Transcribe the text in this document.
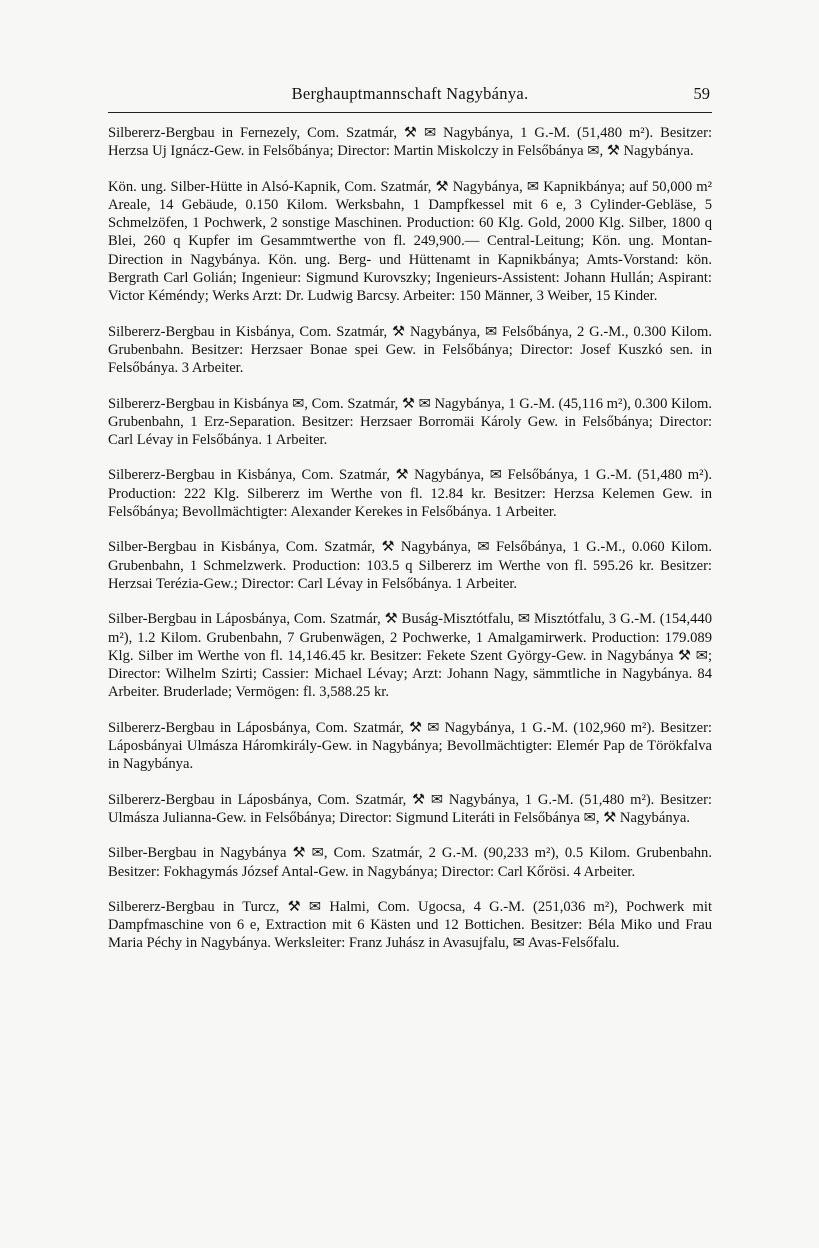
Berghauptmannschaft Nagybánya.	59

Silbererz-Bergbau in Fernezely, Com. Szatmár, ⚒ ✉ Nagybánya, 1 G.-M. (51,480 m²). Besitzer: Herzsa Uj Ignácz-Gew. in Felsőbánya; Director: Martin Miskolczy in Felsőbánya ✉, ⚒ Nagybánya.

Kön. ung. Silber-Hütte in Alsó-Kapnik, Com. Szatmár, ⚒ Nagybánya, ✉ Kapnikbánya; auf 50,000 m² Areale, 14 Gebäude, 0.150 Kilom. Werksbahn, 1 Dampfkessel mit 6 e, 3 Cylinder-Gebläse, 5 Schmelzöfen, 1 Pochwerk, 2 sonstige Maschinen. Production: 60 Klg. Gold, 2000 Klg. Silber, 1800 q Blei, 260 q Kupfer im Gesammtwerthe von fl. 249,900.— Central-Leitung; Kön. ung. Montan-Direction in Nagybánya. Kön. ung. Berg- und Hüttenamt in Kapnikbánya; Amts-Vorstand: kön. Bergrath Carl Golián; Ingenieur: Sigmund Kurovszky; Ingenieurs-Assistent: Johann Hullán; Aspirant: Victor Kéméndy; Werks Arzt: Dr. Ludwig Barcsy. Arbeiter: 150 Männer, 3 Weiber, 15 Kinder.

Silbererz-Bergbau in Kisbánya, Com. Szatmár, ⚒ Nagybánya, ✉ Felsőbánya, 2 G.-M., 0.300 Kilom. Grubenbahn. Besitzer: Herzsaer Bonae spei Gew. in Felsőbánya; Director: Josef Kuszkó sen. in Felsőbánya. 3 Arbeiter.

Silbererz-Bergbau in Kisbánya ✉, Com. Szatmár, ⚒ ✉ Nagybánya, 1 G.-M. (45,116 m²), 0.300 Kilom. Grubenbahn, 1 Erz-Separation. Besitzer: Herzsaer Borromäi Károly Gew. in Felsőbánya; Director: Carl Lévay in Felsőbánya. 1 Arbeiter.

Silbererz-Bergbau in Kisbánya, Com. Szatmár, ⚒ Nagybánya, ✉ Felsőbánya, 1 G.-M. (51,480 m²). Production: 222 Klg. Silbererz im Werthe von fl. 12.84 kr. Besitzer: Herzsa Kelemen Gew. in Felsőbánya; Bevollmächtigter: Alexander Kerekes in Felsőbánya. 1 Arbeiter.

Silber-Bergbau in Kisbánya, Com. Szatmár, ⚒ Nagybánya, ✉ Felsőbánya, 1 G.-M., 0.060 Kilom. Grubenbahn, 1 Schmelzwerk. Production: 103.5 q Silbererz im Werthe von fl. 595.26 kr. Besitzer: Herzsai Terézia-Gew.; Director: Carl Lévay in Felsőbánya. 1 Arbeiter.

Silber-Bergbau in Láposbánya, Com. Szatmár, ⚒ Buság-Misztótfalu, ✉ Misztótfalu, 3 G.-M. (154,440 m²), 1.2 Kilom. Grubenbahn, 7 Grubenwägen, 2 Pochwerke, 1 Amalgamirwerk. Production: 179.089 Klg. Silber im Werthe von fl. 14,146.45 kr. Besitzer: Fekete Szent György-Gew. in Nagybánya ⚒ ✉; Director: Wilhelm Szirti; Cassier: Michael Lévay; Arzt: Johann Nagy, sämmtliche in Nagybánya. 84 Arbeiter. Bruderlade; Vermögen: fl. 3,588.25 kr.

Silbererz-Bergbau in Láposbánya, Com. Szatmár, ⚒ ✉ Nagybánya, 1 G.-M. (102,960 m²). Besitzer: Láposbányai Ulmásza Háromkirály-Gew. in Nagybánya; Bevollmächtigter: Elemér Pap de Törökfalva in Nagybánya.

Silbererz-Bergbau in Láposbánya, Com. Szatmár, ⚒ ✉ Nagybánya, 1 G.-M. (51,480 m²). Besitzer: Ulmásza Julianna-Gew. in Felsőbánya; Director: Sigmund Literáti in Felsőbánya ✉, ⚒ Nagybánya.

Silber-Bergbau in Nagybánya ⚒ ✉, Com. Szatmár, 2 G.-M. (90,233 m²), 0.5 Kilom. Grubenbahn. Besitzer: Fokhagymás József Antal-Gew. in Nagybánya; Director: Carl Kőrösi. 4 Arbeiter.

Silbererz-Bergbau in Turcz, ⚒ ✉ Halmi, Com. Ugocsa, 4 G.-M. (251,036 m²), Pochwerk mit Dampfmaschine von 6 e, Extraction mit 6 Kästen und 12 Bottichen. Besitzer: Béla Miko und Frau Maria Péchy in Nagybánya. Werksleiter: Franz Juhász in Avasujfalu, ✉ Avas-Felsőfalu.
